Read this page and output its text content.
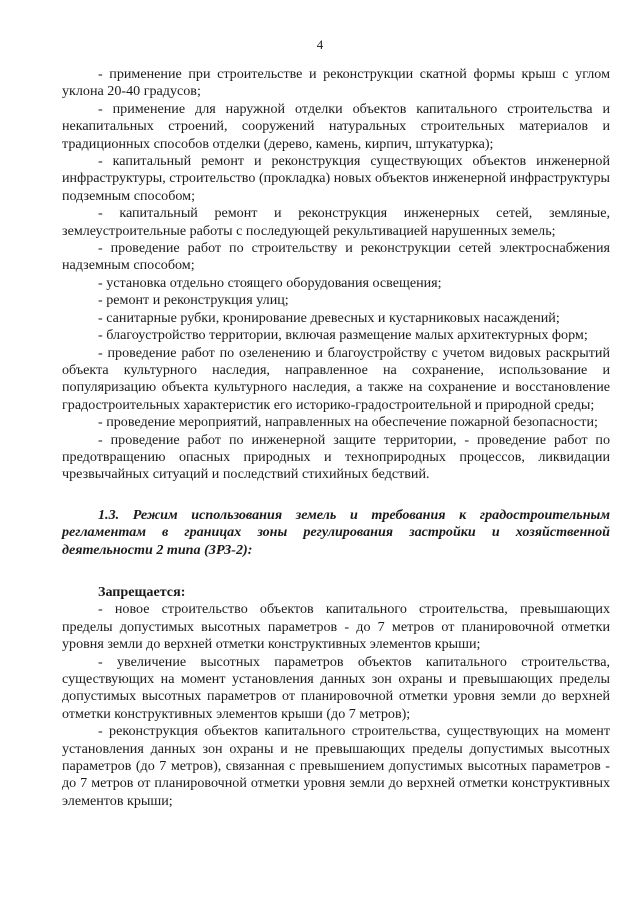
4

- применение при строительстве и реконструкции скатной формы крыш с углом уклона 20-40 градусов;

- применение для наружной отделки объектов капитального строительства и некапитальных строений, сооружений натуральных строительных материалов и традиционных способов отделки (дерево, камень, кирпич, штукатурка);

- капитальный ремонт и реконструкция существующих объектов инженерной инфраструктуры, строительство (прокладка) новых объектов инженерной инфраструктуры подземным способом;

- капитальный ремонт и реконструкция инженерных сетей, земляные, землеустроительные работы с последующей рекультивацией нарушенных земель;

- проведение работ по строительству и реконструкции сетей электроснабжения надземным способом;

- установка отдельно стоящего оборудования освещения;

- ремонт и реконструкция улиц;

- санитарные рубки, кронирование древесных и кустарниковых насаждений;

- благоустройство территории, включая размещение малых архитектурных форм;

- проведение работ по озеленению и благоустройству с учетом видовых раскрытий объекта культурного наследия, направленное на сохранение, использование и популяризацию объекта культурного наследия, а также на сохранение и восстановление градостроительных характеристик его историко-градостроительной и природной среды;

- проведение мероприятий, направленных на обеспечение пожарной безопасности;

- проведение работ по инженерной защите территории, - проведение работ по предотвращению опасных природных и техноприродных процессов, ликвидации чрезвычайных ситуаций и последствий стихийных бедствий.

1.3. Режим использования земель и требования к градостроительным регламентам в границах зоны регулирования застройки и хозяйственной деятельности 2 типа (ЗРЗ-2):

Запрещается:

- новое строительство объектов капитального строительства, превышающих пределы допустимых высотных параметров - до 7 метров от планировочной отметки уровня земли до верхней отметки конструктивных элементов крыши;

- увеличение высотных параметров объектов капитального строительства, существующих на момент установления данных зон охраны и превышающих пределы допустимых высотных параметров от планировочной отметки уровня земли до верхней отметки конструктивных элементов крыши (до 7 метров);

- реконструкция объектов капитального строительства, существующих на момент установления данных зон охраны и не превышающих пределы допустимых высотных параметров (до 7 метров), связанная с превышением допустимых высотных параметров - до 7 метров от планировочной отметки уровня земли до верхней отметки конструктивных элементов крыши;
